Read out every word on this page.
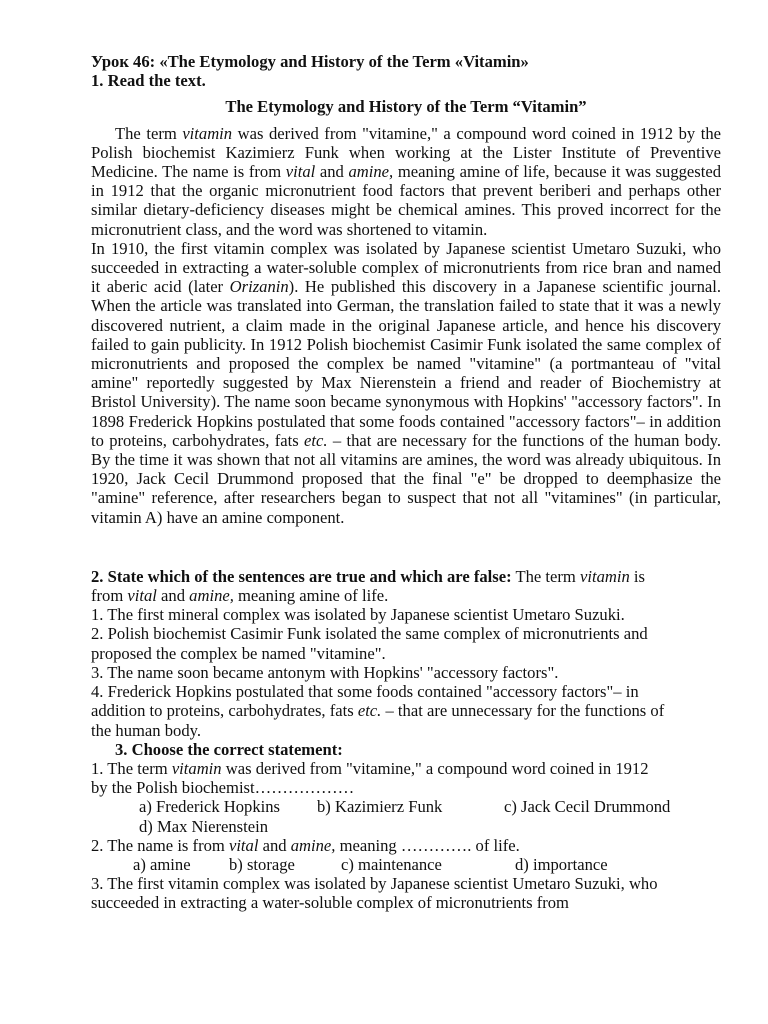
Урок 46: «The Etymology and History of the Term «Vitamin»
1. Read the text.
The Etymology and History of the Term “Vitamin”

The term vitamin was derived from "vitamine," a compound word coined in 1912 by the Polish biochemist Kazimierz Funk when working at the Lister Institute of Preventive Medicine. The name is from vital and amine, meaning amine of life, because it was suggested in 1912 that the organic micronutrient food factors that prevent beriberi and perhaps other similar dietary-deficiency diseases might be chemical amines. This proved incorrect for the micronutrient class, and the word was shortened to vitamin.

In 1910, the first vitamin complex was isolated by Japanese scientist Umetaro Suzuki, who succeeded in extracting a water-soluble complex of micronutrients from rice bran and named it aberic acid (later Orizanin). He published this discovery in a Japanese scientific journal. When the article was translated into German, the translation failed to state that it was a newly discovered nutrient, a claim made in the original Japanese article, and hence his discovery failed to gain publicity. In 1912 Polish biochemist Casimir Funk isolated the same complex of micronutrients and proposed the complex be named "vitamine" (a portmanteau of "vital amine" reportedly suggested by Max Nierenstein a friend and reader of Biochemistry at Bristol University). The name soon became synonymous with Hopkins' "accessory factors". In 1898 Frederick Hopkins postulated that some foods contained "accessory factors"– in addition to proteins, carbohydrates, fats etc. – that are necessary for the functions of the human body. By the time it was shown that not all vitamins are amines, the word was already ubiquitous. In 1920, Jack Cecil Drummond proposed that the final "e" be dropped to deemphasize the "amine" reference, after researchers began to suspect that not all "vitamines" (in particular, vitamin A) have an amine component.

2. State which of the sentences are true and which are false: The term vitamin is
from vital and amine, meaning amine of life.
1. The first mineral complex was isolated by Japanese scientist Umetaro Suzuki.
2. Polish biochemist Casimir Funk isolated the same complex of micronutrients and
proposed the complex be named "vitamine".
3. The name soon became antonym with Hopkins' "accessory factors".
4. Frederick Hopkins postulated that some foods contained "accessory factors"– in
addition to proteins, carbohydrates, fats etc. – that are unnecessary for the functions of
the human body.
3. Choose the correct statement:
1. The term vitamin was derived from "vitamine," a compound word coined in 1912
by the Polish biochemist………………
a) Frederick Hopkins b) Kazimierz Funk	c) Jack Cecil Drummond
d) Max Nierenstein
2. The name is from vital and amine, meaning …………. of life.
a) amine b) storage	c) maintenance	d) importance
3. The first vitamin complex was isolated by Japanese scientist Umetaro Suzuki, who
succeeded in extracting a water-soluble complex of micronutrients from
